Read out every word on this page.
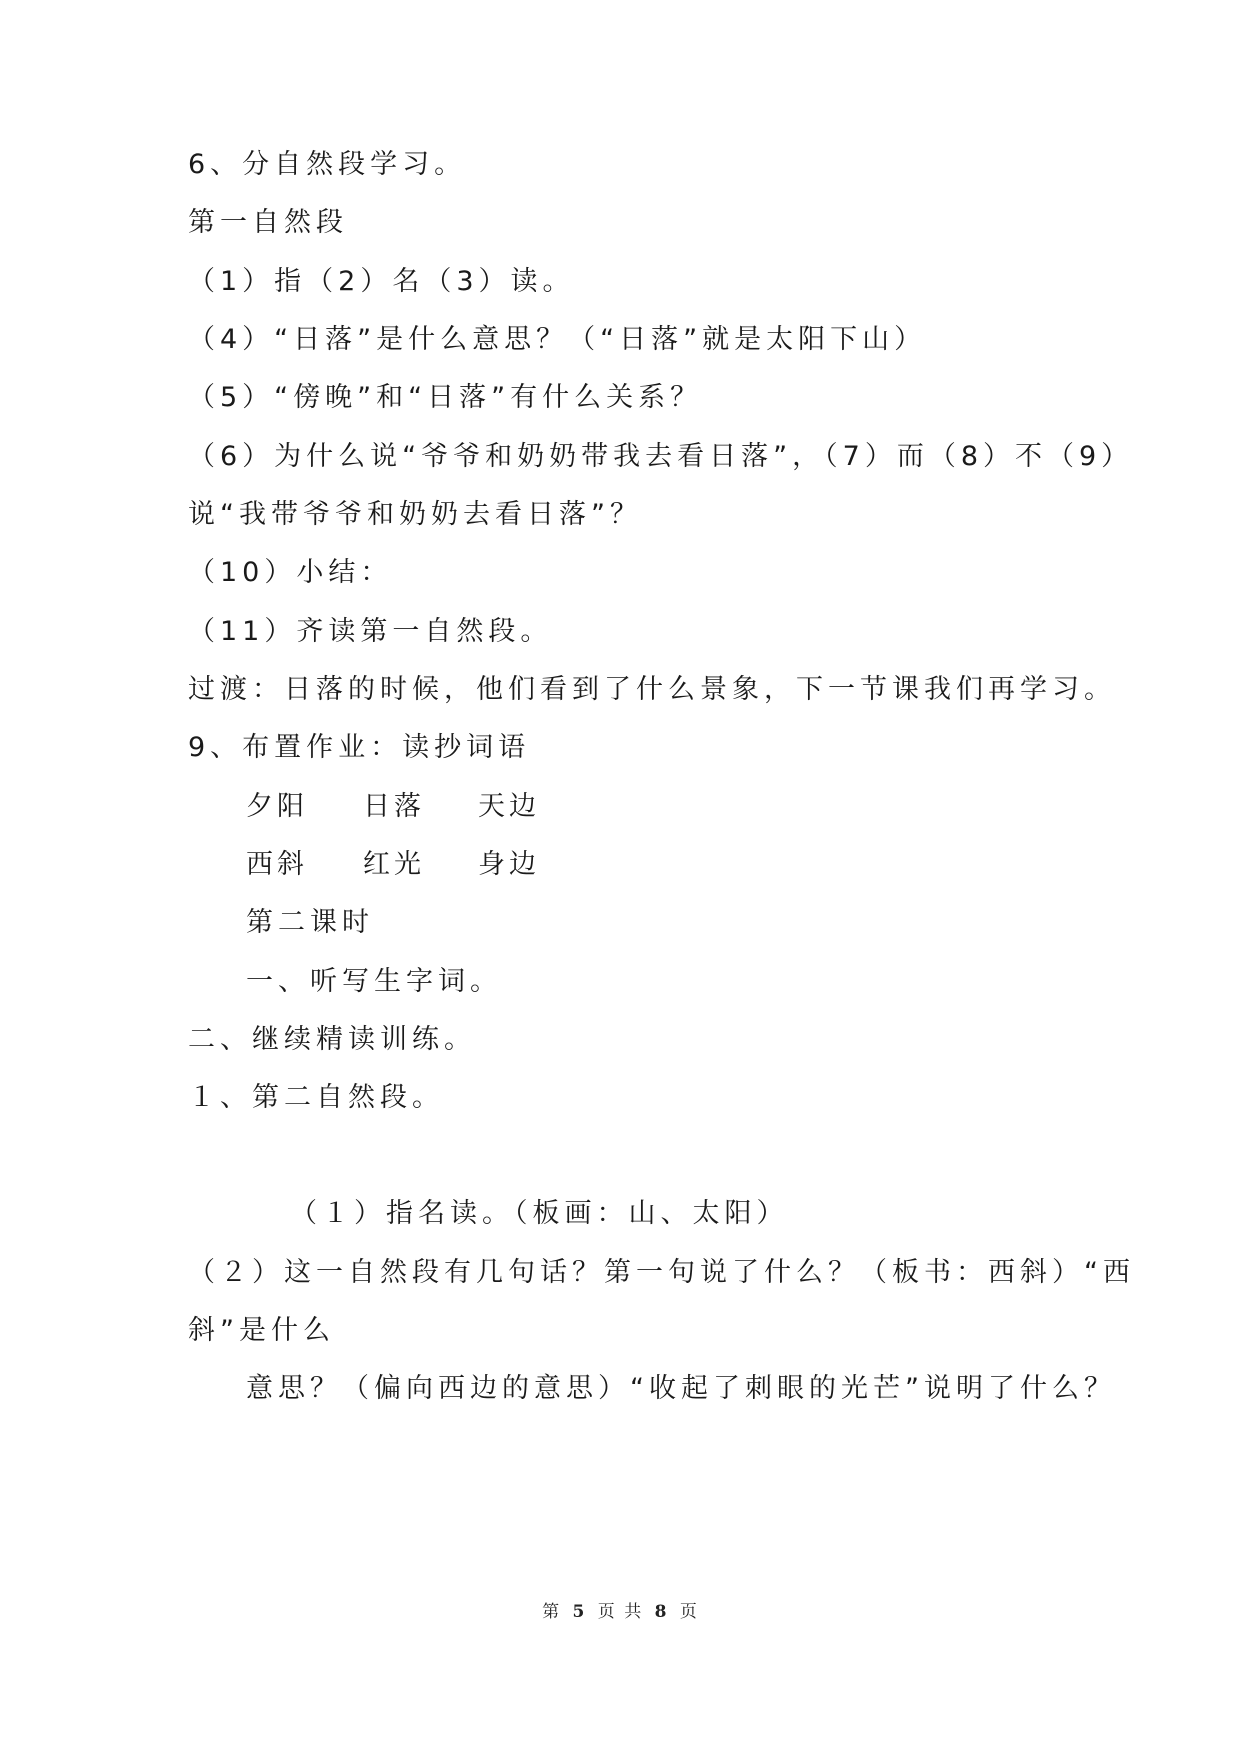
6、分自然段学习。
第一自然段
（1）指（2）名（3）读。
（4）“日落”是什么意思？（“日落”就是太阳下山）
（5）“傍晚”和“日落”有什么关系？
（6）为什么说“爷爷和奶奶带我去看日落”，（7）而（8）不（9）
说“我带爷爷和奶奶去看日落”？
（10）小结：
（11）齐读第一自然段。
过渡：日落的时候，他们看到了什么景象，下一节课我们再学习。
9、布置作业：读抄词语
夕阳 日落 天边
西斜 红光 身边
第二课时
一、听写生字词。
二、继续精读训练。
１、第二自然段。
（１）指名读。（板画：山、太阳）
（２）这一自然段有几句话？第一句说了什么？（板书：西斜）“西
斜”是什么
意思？（偏向西边的意思）“收起了刺眼的光芒”说明了什么？
第 5 页 共 8 页
